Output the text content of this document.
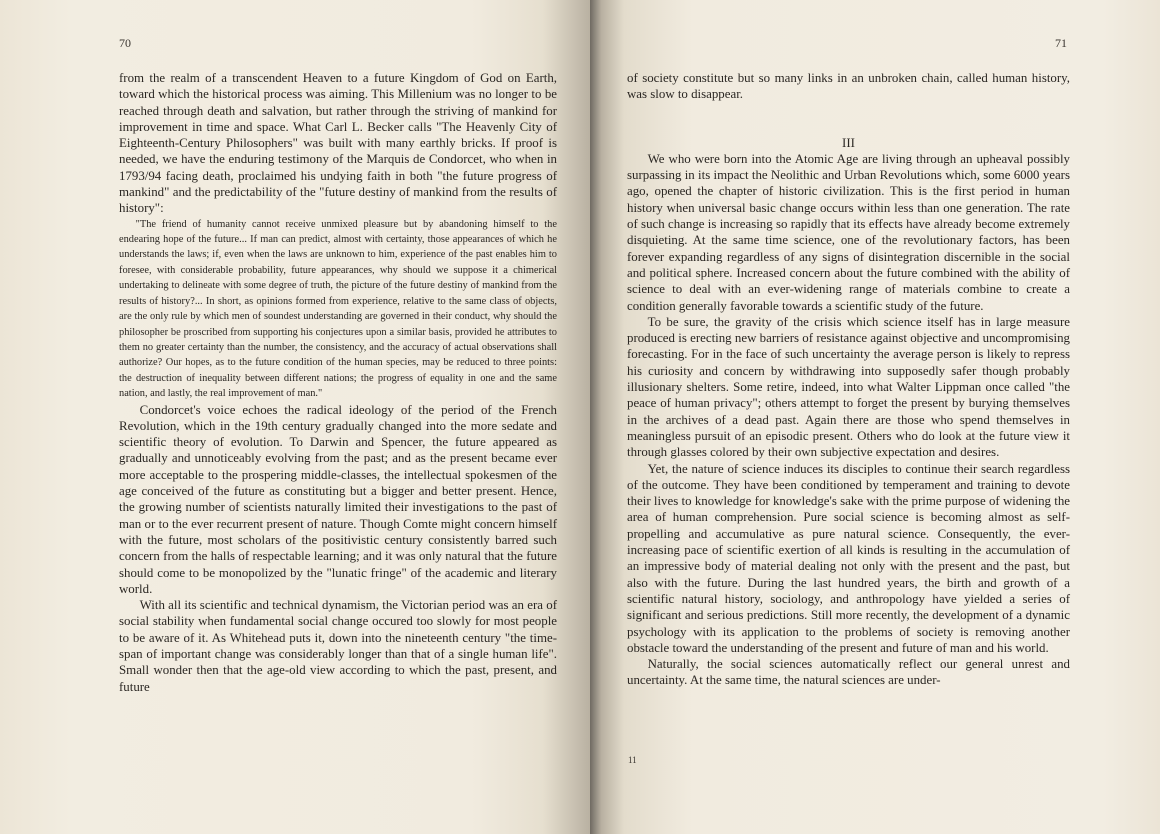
70

from the realm of a transcendent Heaven to a future Kingdom of God on Earth, toward which the historical process was aiming. This Millenium was no longer to be reached through death and salvation, but rather through the striving of mankind for improvement in time and space. What Carl L. Becker calls "The Heavenly City of Eighteenth-Century Philosophers" was built with many earthly bricks. If proof is needed, we have the enduring testimony of the Marquis de Condorcet, who when in 1793/94 facing death, proclaimed his undying faith in both "the future progress of mankind" and the predictability of the "future destiny of mankind from the results of history":

"The friend of humanity cannot receive unmixed pleasure but by abandoning himself to the endearing hope of the future... If man can predict, almost with certainty, those appearances of which he understands the laws; if, even when the laws are unknown to him, experience of the past enables him to foresee, with considerable probability, future appearances, why should we suppose it a chimerical undertaking to delineate with some degree of truth, the picture of the future destiny of mankind from the results of history?... In short, as opinions formed from experience, relative to the same class of objects, are the only rule by which men of soundest understanding are governed in their conduct, why should the philosopher be proscribed from supporting his conjectures upon a similar basis, provided he attributes to them no greater certainty than the number, the consistency, and the accuracy of actual observations shall authorize? Our hopes, as to the future condition of the human species, may be reduced to three points: the destruction of inequality between different nations; the progress of equality in one and the same nation, and lastly, the real improvement of man."

Condorcet's voice echoes the radical ideology of the period of the French Revolution, which in the 19th century gradually changed into the more sedate and scientific theory of evolution. To Darwin and Spencer, the future appeared as gradually and unnoticeably evolving from the past; and as the present became ever more acceptable to the prospering middle-classes, the intellectual spokesmen of the age conceived of the future as constituting but a bigger and better present. Hence, the growing number of scientists naturally limited their investigations to the past of man or to the ever recurrent present of nature. Though Comte might concern himself with the future, most scholars of the positivistic century consistently barred such concern from the halls of respectable learning; and it was only natural that the future should come to be monopolized by the "lunatic fringe" of the academic and literary world.

With all its scientific and technical dynamism, the Victorian period was an era of social stability when fundamental social change occured too slowly for most people to be aware of it. As Whitehead puts it, down into the nineteenth century "the time-span of important change was considerably longer than that of a single human life". Small wonder then that the age-old view according to which the past, present, and future

71

of society constitute but so many links in an unbroken chain, called human history, was slow to disappear.

III

We who were born into the Atomic Age are living through an upheaval possibly surpassing in its impact the Neolithic and Urban Revolutions which, some 6000 years ago, opened the chapter of historic civilization. This is the first period in human history when universal basic change occurs within less than one generation. The rate of such change is increasing so rapidly that its effects have already become extremely disquieting. At the same time science, one of the revolutionary factors, has been forever expanding regardless of any signs of disintegration discernible in the social and political sphere. Increased concern about the future combined with the ability of science to deal with an ever-widening range of materials combine to create a condition generally favorable towards a scientific study of the future.

To be sure, the gravity of the crisis which science itself has in large measure produced is erecting new barriers of resistance against objective and uncompromising forecasting. For in the face of such uncertainty the average person is likely to repress his curiosity and concern by withdrawing into supposedly safer though probably illusionary shelters. Some retire, indeed, into what Walter Lippman once called "the peace of human privacy"; others attempt to forget the present by burying themselves in the archives of a dead past. Again there are those who spend themselves in meaningless pursuit of an episodic present. Others who do look at the future view it through glasses colored by their own subjective expectation and desires.

Yet, the nature of science induces its disciples to continue their search regardless of the outcome. They have been conditioned by temperament and training to devote their lives to knowledge for knowledge's sake with the prime purpose of widening the area of human comprehension. Pure social science is becoming almost as self-propelling and accumulative as pure natural science. Consequently, the ever-increasing pace of scientific exertion of all kinds is resulting in the accumulation of an impressive body of material dealing not only with the present and the past, but also with the future. During the last hundred years, the birth and growth of a scientific natural history, sociology, and anthropology have yielded a series of significant and serious predictions. Still more recently, the development of a dynamic psychology with its application to the problems of society is removing another obstacle toward the understanding of the present and future of man and his world.

Naturally, the social sciences automatically reflect our general unrest and uncertainty. At the same time, the natural sciences are under-

11
